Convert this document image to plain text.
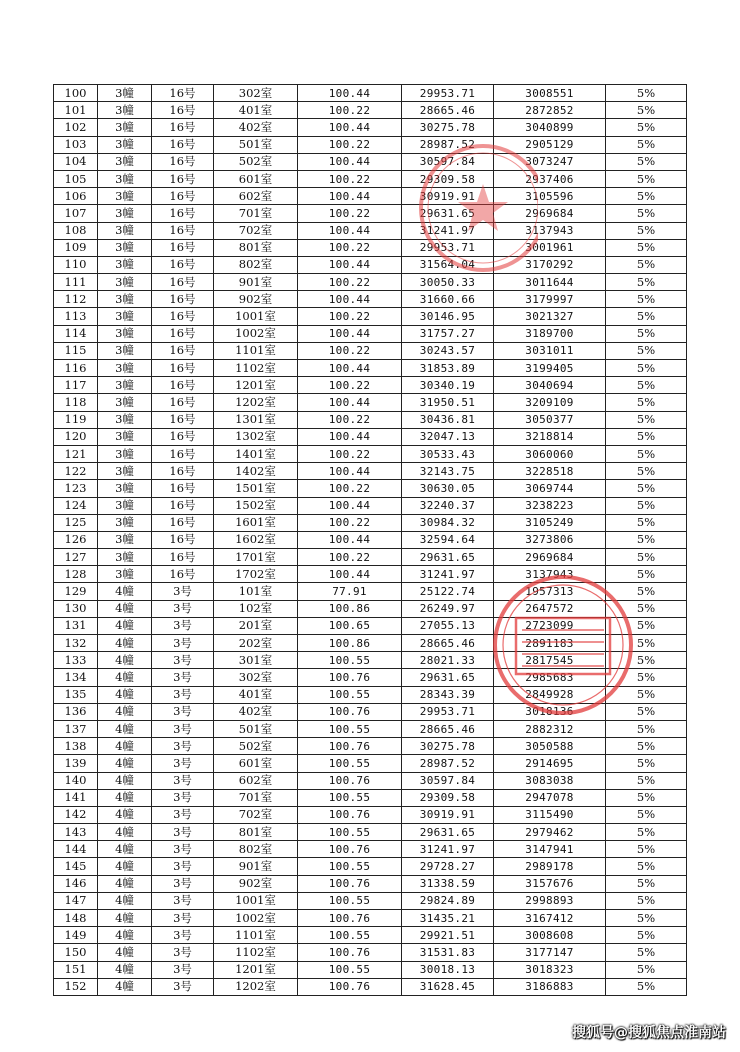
100	3幢	16号	302室	100.44	29953.71	3008551	5%
101	3幢	16号	401室	100.22	28665.46	2872852	5%
102	3幢	16号	402室	100.44	30275.78	3040899	5%
103	3幢	16号	501室	100.22	28987.52	2905129	5%
104	3幢	16号	502室	100.44	30597.84	3073247	5%
105	3幢	16号	601室	100.22	29309.58	2937406	5%
106	3幢	16号	602室	100.44	30919.91	3105596	5%
107	3幢	16号	701室	100.22	29631.65	2969684	5%
108	3幢	16号	702室	100.44	31241.97	3137943	5%
109	3幢	16号	801室	100.22	29953.71	3001961	5%
110	3幢	16号	802室	100.44	31564.04	3170292	5%
111	3幢	16号	901室	100.22	30050.33	3011644	5%
112	3幢	16号	902室	100.44	31660.66	3179997	5%
113	3幢	16号	1001室	100.22	30146.95	3021327	5%
114	3幢	16号	1002室	100.44	31757.27	3189700	5%
115	3幢	16号	1101室	100.22	30243.57	3031011	5%
116	3幢	16号	1102室	100.44	31853.89	3199405	5%
117	3幢	16号	1201室	100.22	30340.19	3040694	5%
118	3幢	16号	1202室	100.44	31950.51	3209109	5%
119	3幢	16号	1301室	100.22	30436.81	3050377	5%
120	3幢	16号	1302室	100.44	32047.13	3218814	5%
121	3幢	16号	1401室	100.22	30533.43	3060060	5%
122	3幢	16号	1402室	100.44	32143.75	3228518	5%
123	3幢	16号	1501室	100.22	30630.05	3069744	5%
124	3幢	16号	1502室	100.44	32240.37	3238223	5%
125	3幢	16号	1601室	100.22	30984.32	3105249	5%
126	3幢	16号	1602室	100.44	32594.64	3273806	5%
127	3幢	16号	1701室	100.22	29631.65	2969684	5%
128	3幢	16号	1702室	100.44	31241.97	3137943	5%
129	4幢	3号	101室	77.91	25122.74	1957313	5%
130	4幢	3号	102室	100.86	26249.97	2647572	5%
131	4幢	3号	201室	100.65	27055.13	2723099	5%
132	4幢	3号	202室	100.86	28665.46	2891183	5%
133	4幢	3号	301室	100.55	28021.33	2817545	5%
134	4幢	3号	302室	100.76	29631.65	2985683	5%
135	4幢	3号	401室	100.55	28343.39	2849928	5%
136	4幢	3号	402室	100.76	29953.71	3018136	5%
137	4幢	3号	501室	100.55	28665.46	2882312	5%
138	4幢	3号	502室	100.76	30275.78	3050588	5%
139	4幢	3号	601室	100.55	28987.52	2914695	5%
140	4幢	3号	602室	100.76	30597.84	3083038	5%
141	4幢	3号	701室	100.55	29309.58	2947078	5%
142	4幢	3号	702室	100.76	30919.91	3115490	5%
143	4幢	3号	801室	100.55	29631.65	2979462	5%
144	4幢	3号	802室	100.76	31241.97	3147941	5%
145	4幢	3号	901室	100.55	29728.27	2989178	5%
146	4幢	3号	902室	100.76	31338.59	3157676	5%
147	4幢	3号	1001室	100.55	29824.89	2998893	5%
148	4幢	3号	1002室	100.76	31435.21	3167412	5%
149	4幢	3号	1101室	100.55	29921.51	3008608	5%
150	4幢	3号	1102室	100.76	31531.83	3177147	5%
151	4幢	3号	1201室	100.55	30018.13	3018323	5%
152	4幢	3号	1202室	100.76	31628.45	3186883	5%
搜狐号@搜狐焦点淮南站
